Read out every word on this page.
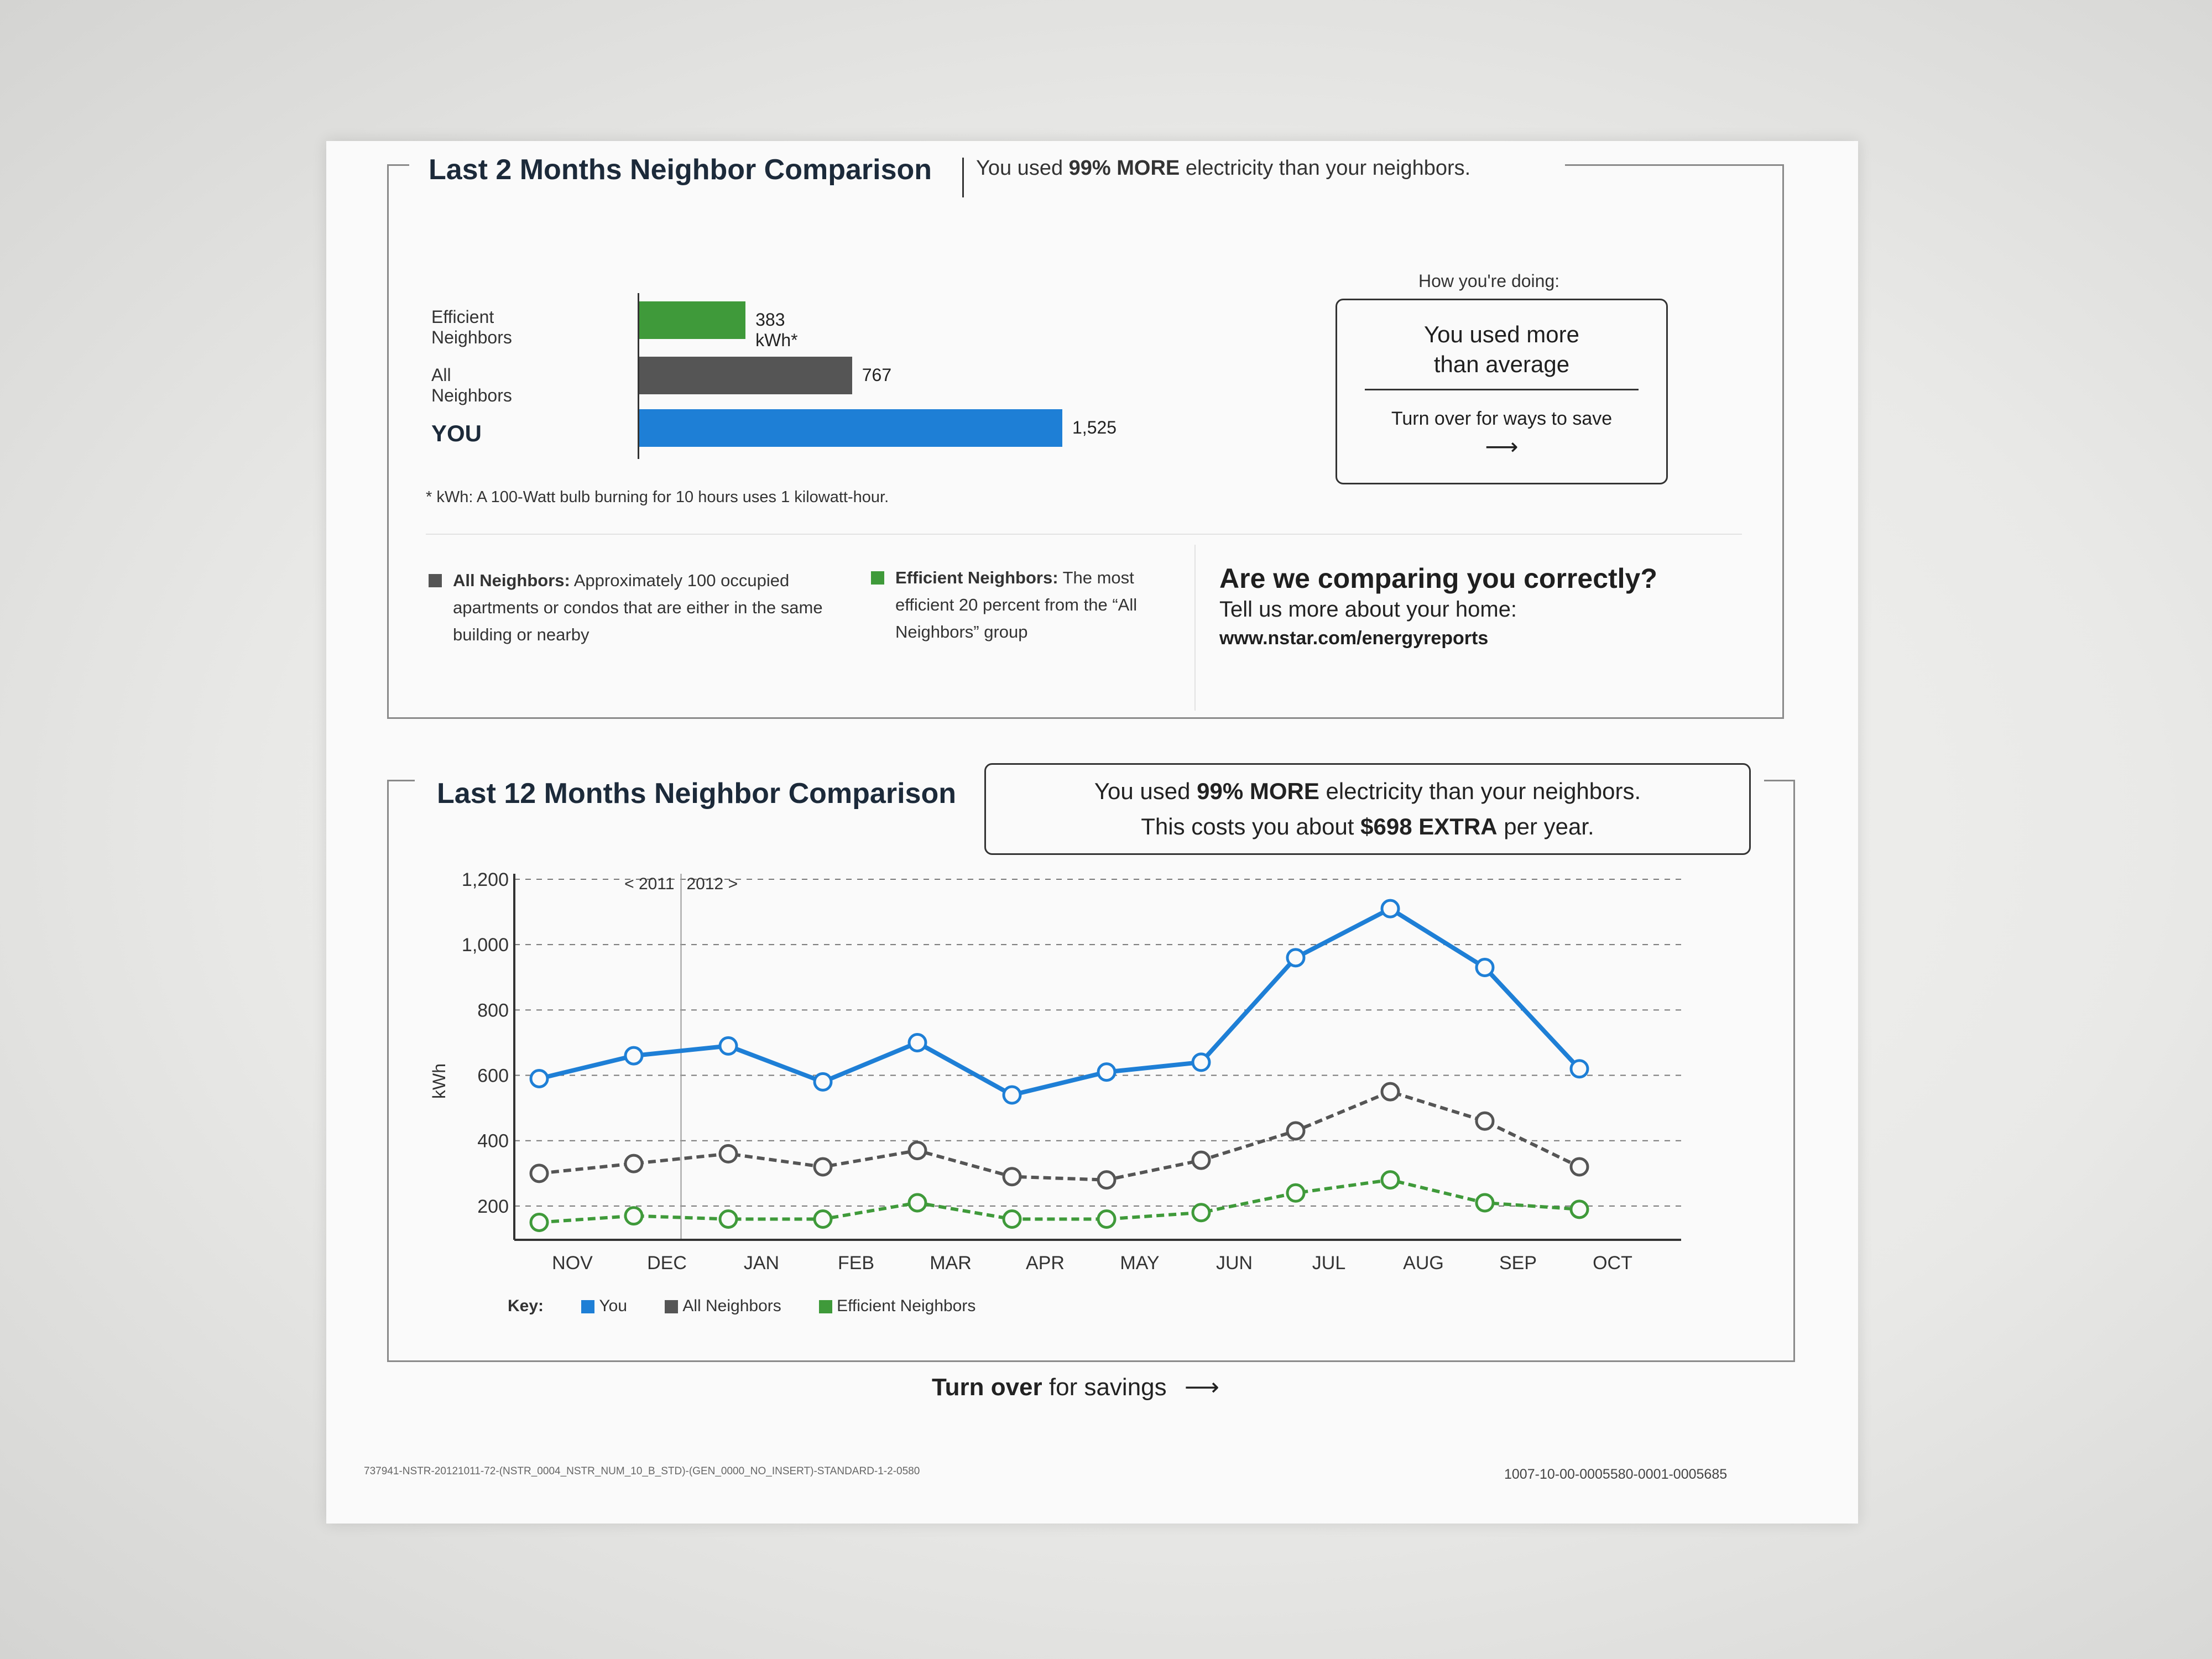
Last 2 Months Neighbor Comparison You used 99% MORE electricity than your neighbors.
Efficient Neighbors
383 kWh*
All Neighbors
767
YOU	1,525
* kWh: A 100-Watt bulb burning for 10 hours uses 1 kilowatt-hour.
How you're doing:
You used more
than average
Turn over for ways to save
⟶
All Neighbors: Approximately 100 occupied apartments or condos that are either in the same building or nearby
Efficient Neighbors: The most efficient 20 percent from the “All Neighbors” group
Are we comparing you correctly?
Tell us more about your home:
www.nstar.com/energyreports
Last 12 Months Neighbor Comparison	You used 99% MORE electricity than your neighbors.
This costs you about $698 EXTRA per year.
200
400
600
800
1,000
1,200
kWh
< 2011 2012 >
NOV	DEC	JAN	FEB	MAR	APR	MAY	JUN	JUL	AUG	SEP	OCT
Key:	You	All Neighbors	Efficient Neighbors
Turn over for savings ⟶
737941-NSTR-20121011-72-(NSTR_0004_NSTR_NUM_10_B_STD)-(GEN_0000_NO_INSERT)-STANDARD-1-2-0580	1007-10-00-0005580-0001-0005685
